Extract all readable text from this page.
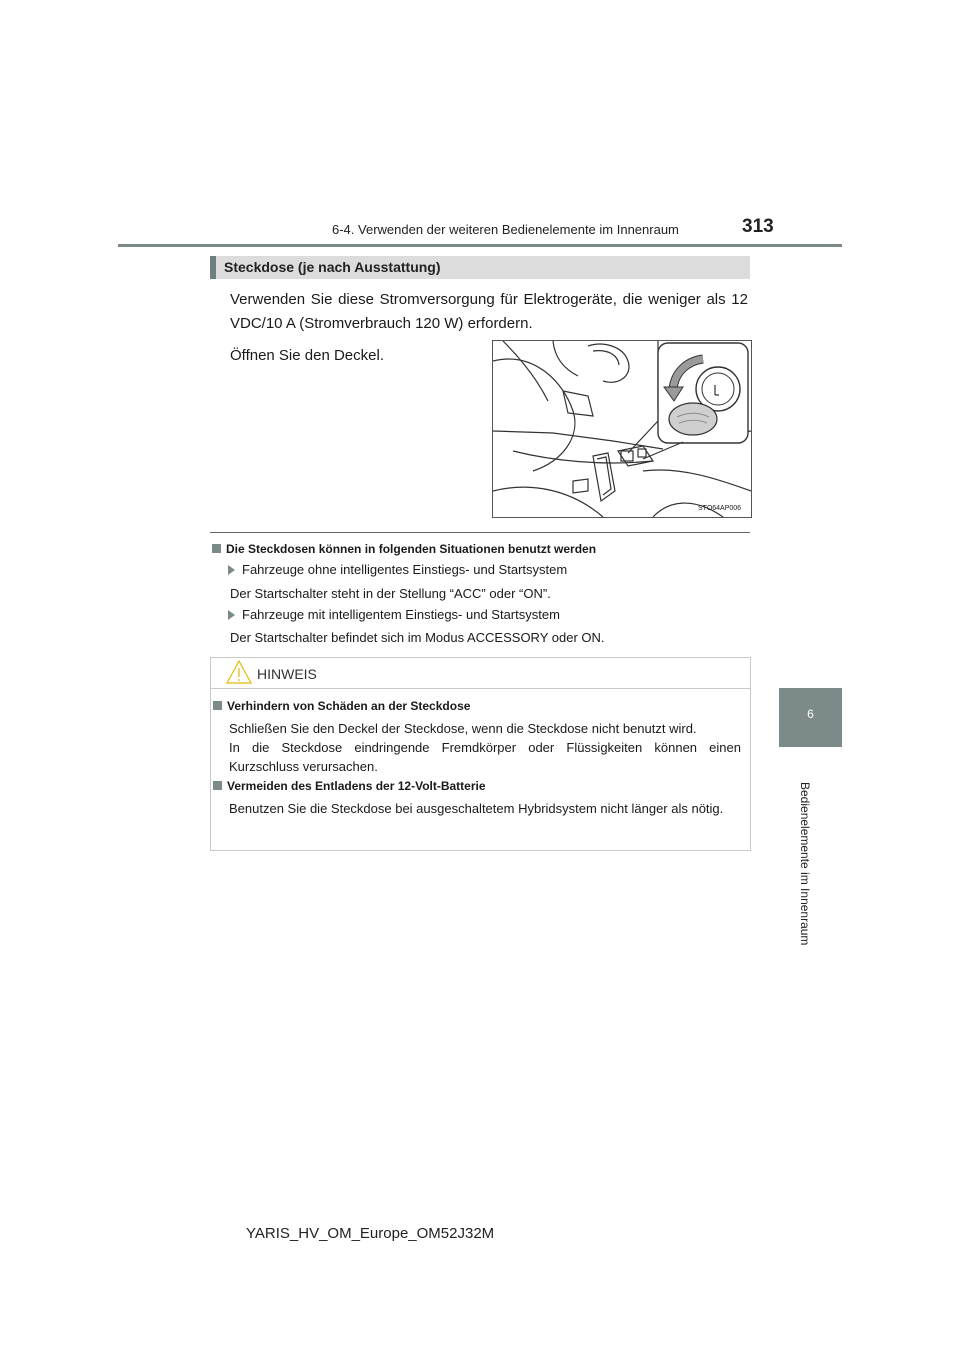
6-4. Verwenden der weiteren Bedienelemente im Innenraum	313
6
Bedienelemente im Innenraum
Steckdose (je nach Ausstattung)
Verwenden Sie diese Stromversorgung für Elektrogeräte, die weniger als 12 VDC/10 A (Stromverbrauch 120 W) erfordern.
Öffnen Sie den Deckel.
STO64AP006
Die Steckdosen können in folgenden Situationen benutzt werden
Fahrzeuge ohne intelligentes Einstiegs- und Startsystem
Der Startschalter steht in der Stellung “ACC” oder “ON”.
Fahrzeuge mit intelligentem Einstiegs- und Startsystem
Der Startschalter befindet sich im Modus ACCESSORY oder ON.
HINWEIS
Verhindern von Schäden an der Steckdose
Schließen Sie den Deckel der Steckdose, wenn die Steckdose nicht benutzt wird.
In die Steckdose eindringende Fremdkörper oder Flüssigkeiten können einen Kurzschluss verursachen.
Vermeiden des Entladens der 12-Volt-Batterie
Benutzen Sie die Steckdose bei ausgeschaltetem Hybridsystem nicht länger als nötig.
YARIS_HV_OM_Europe_OM52J32M
